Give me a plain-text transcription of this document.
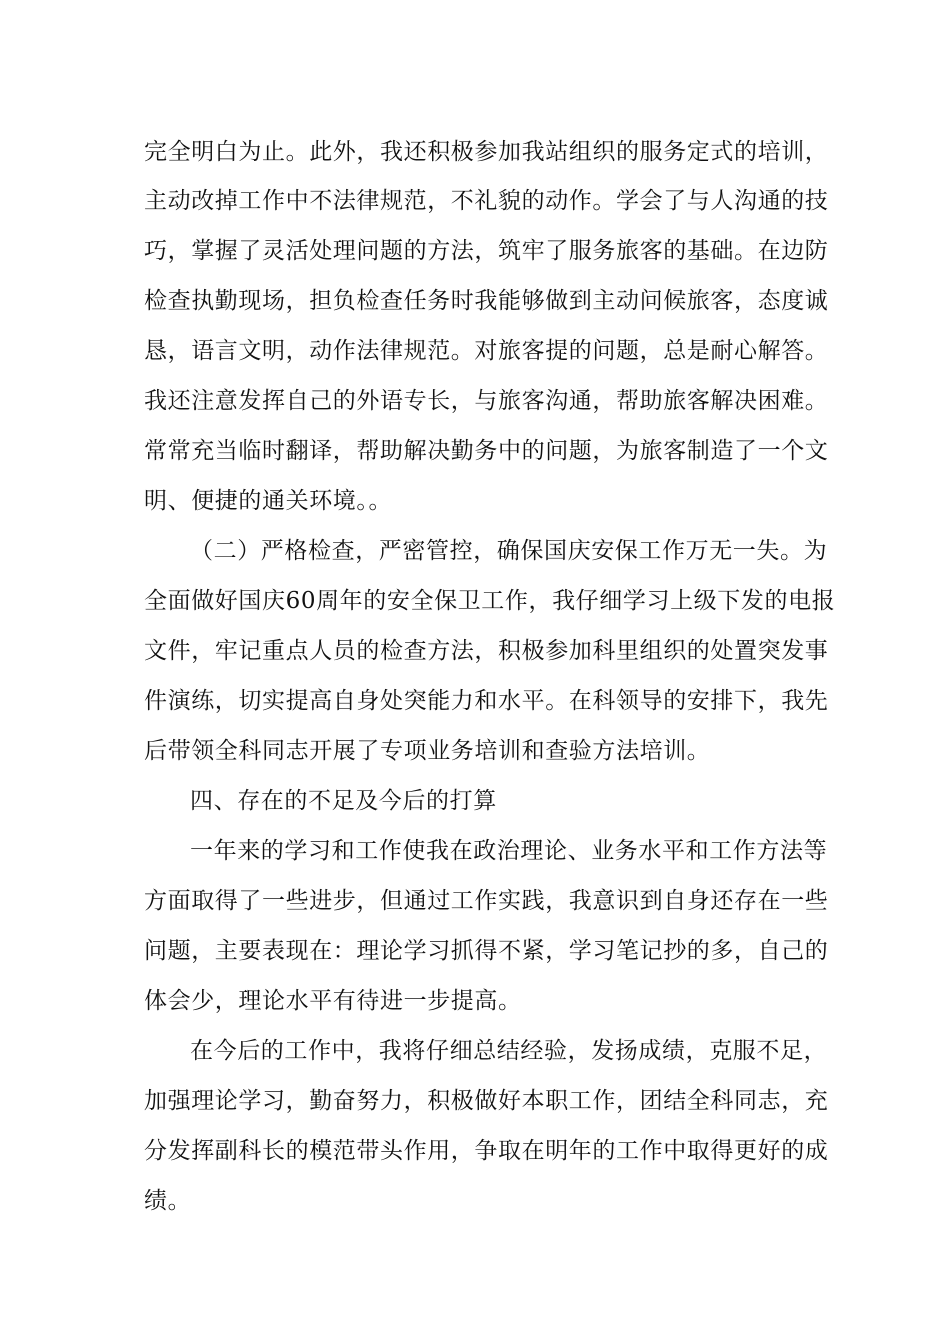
完全明白为止。此外，我还积极参加我站组织的服务定式的培训，
主动改掉工作中不法律规范，不礼貌的动作。学会了与人沟通的技
巧，掌握了灵活处理问题的方法，筑牢了服务旅客的基础。在边防
检查执勤现场，担负检查任务时我能够做到主动问候旅客，态度诚
恳，语言文明，动作法律规范。对旅客提的问题，总是耐心解答。
我还注意发挥自己的外语专长，与旅客沟通，帮助旅客解决困难。
常常充当临时翻译，帮助解决勤务中的问题，为旅客制造了一个文
明、便捷的通关环境。。
（二）严格检查，严密管控，确保国庆安保工作万无一失。为
全面做好国庆60周年的安全保卫工作，我仔细学习上级下发的电报
文件，牢记重点人员的检查方法，积极参加科里组织的处置突发事
件演练，切实提高自身处突能力和水平。在科领导的安排下，我先
后带领全科同志开展了专项业务培训和查验方法培训。
四、存在的不足及今后的打算
一年来的学习和工作使我在政治理论、业务水平和工作方法等
方面取得了一些进步，但通过工作实践，我意识到自身还存在一些
问题，主要表现在：理论学习抓得不紧，学习笔记抄的多，自己的
体会少，理论水平有待进一步提高。
在今后的工作中，我将仔细总结经验，发扬成绩，克服不足，
加强理论学习，勤奋努力，积极做好本职工作，团结全科同志，充
分发挥副科长的模范带头作用，争取在明年的工作中取得更好的成
绩。
